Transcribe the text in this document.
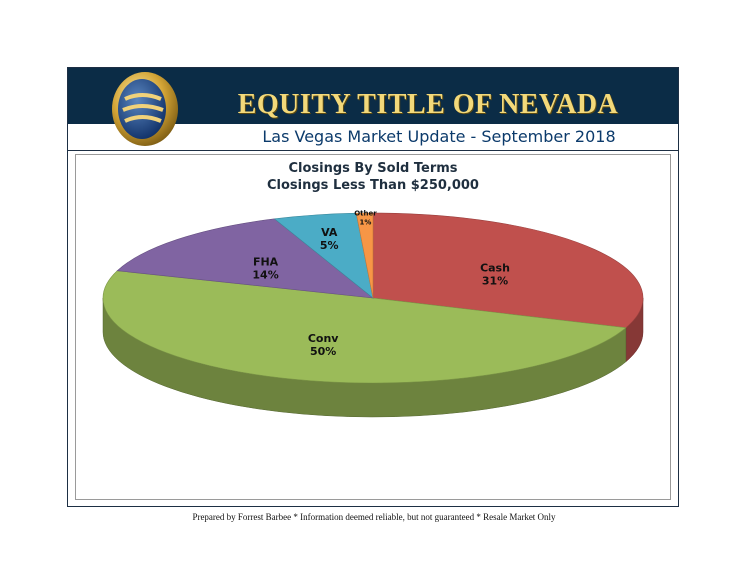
EQUITY TITLE OF NEVADA
Las Vegas Market Update - September 2018
Closings By Sold Terms
Closings Less Than $250,000
Cash
31%
Conv
50%
FHA
14%
VA
5%
Other
1%
Prepared by Forrest Barbee * Information deemed reliable, but not guaranteed * Resale Market Only
